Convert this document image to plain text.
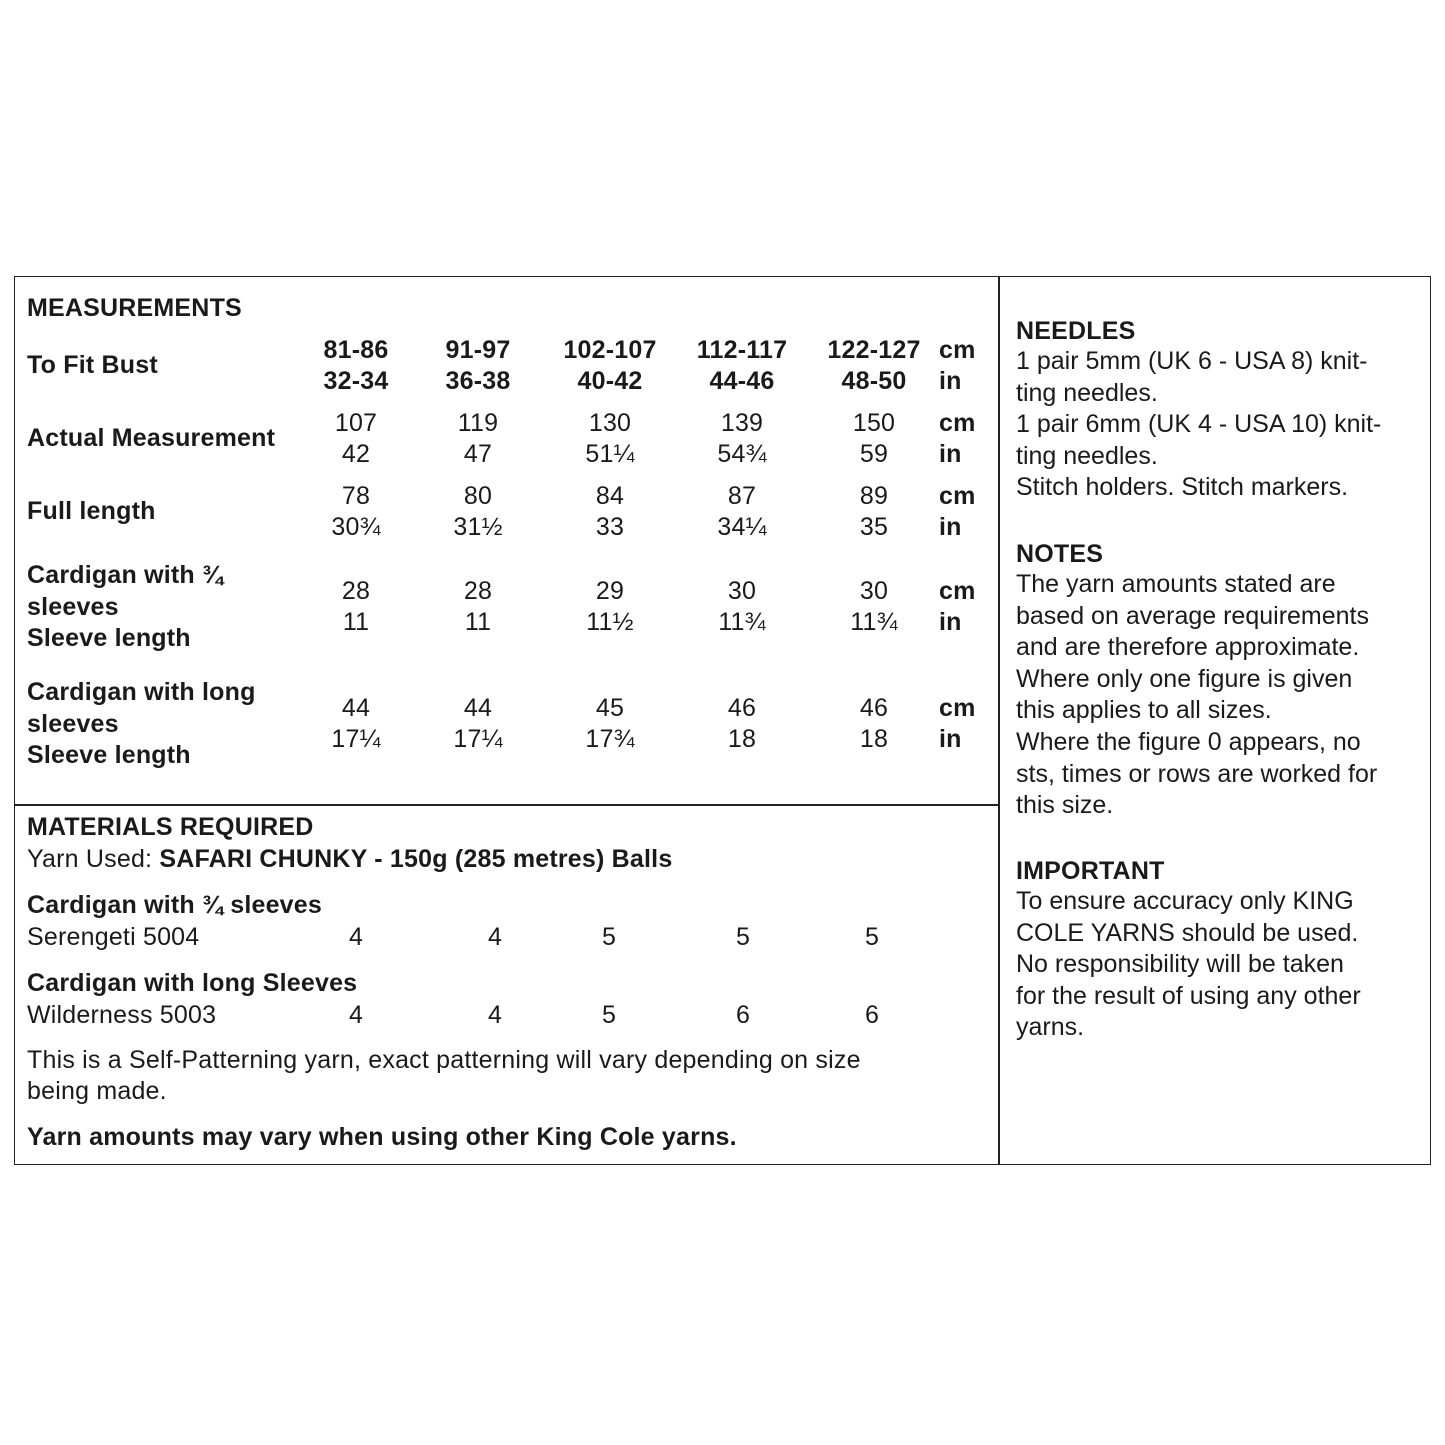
MEASUREMENTS
To Fit Bust
81-86 91-97 102-107 112-117 122-127 cm
32-34 36-38	40-42	44-46	48-50 in
Actual Measurement
107	119	130	139	150 cm
42	47	51¼	54¾	59 in
Full length
78	80	84	87	89 cm
30¾	31½	33	34¼	35 in
Cardigan with ¾
sleeves
Sleeve length
28	28	29	30	30 cm
11	11	11½	11¾	11¾ in
Cardigan with long
sleeves
Sleeve length
44	44	45	46	46 cm
17¼	17¼	17¾	18	18 in
MATERIALS REQUIRED
Yarn Used: SAFARI CHUNKY - 150g (285 metres) Balls
Cardigan with ¾ sleeves
Serengeti 5004	4	4	5	5	5
Cardigan with long Sleeves
Wilderness 5003	4	4	5	6	6
This is a Self-Patterning yarn, exact patterning will vary depending on size
being made.
Yarn amounts may vary when using other King Cole yarns.
NEEDLES
1 pair 5mm (UK 6 - USA 8) knit-
ting needles.
1 pair 6mm (UK 4 - USA 10) knit-
ting needles.
Stitch holders. Stitch markers.
NOTES
The yarn amounts stated are
based on average requirements
and are therefore approximate.
Where only one figure is given
this applies to all sizes.
Where the figure 0 appears, no
sts, times or rows are worked for
this size.
IMPORTANT
To ensure accuracy only KING
COLE YARNS should be used.
No responsibility will be taken
for the result of using any other
yarns.
